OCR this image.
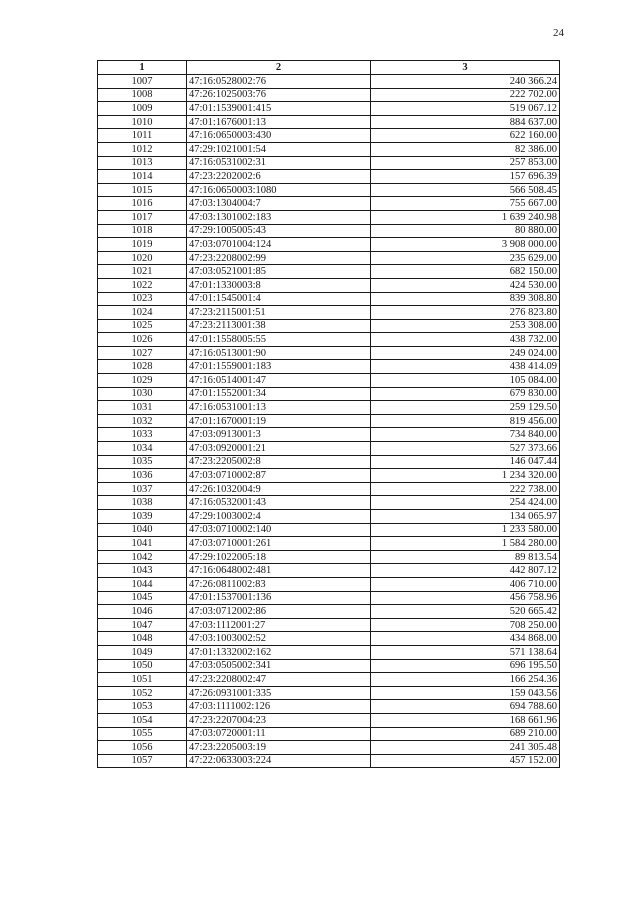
24
1	2	3
1007	47:16:0528002:76	240 366.24
1008	47:26:1025003:76	222 702.00
1009	47:01:1539001:415	519 067.12
1010	47:01:1676001:13	884 637.00
1011	47:16:0650003:430	622 160.00
1012	47:29:1021001:54	82 386.00
1013	47:16:0531002:31	257 853.00
1014	47:23:2202002:6	157 696.39
1015	47:16:0650003:1080	566 508.45
1016	47:03:1304004:7	755 667.00
1017	47:03:1301002:183	1 639 240.98
1018	47:29:1005005:43	80 880.00
1019	47:03:0701004:124	3 908 000.00
1020	47:23:2208002:99	235 629.00
1021	47:03:0521001:85	682 150.00
1022	47:01:1330003:8	424 530.00
1023	47:01:1545001:4	839 308.80
1024	47:23:2115001:51	276 823.80
1025	47:23:2113001:38	253 308.00
1026	47:01:1558005:55	438 732.00
1027	47:16:0513001:90	249 024.00
1028	47:01:1559001:183	438 414.09
1029	47:16:0514001:47	105 084.00
1030	47:01:1552001:34	679 830.00
1031	47:16:0531001:13	259 129.50
1032	47:01:1670001:19	819 456.00
1033	47:03:0913001:3	734 840.00
1034	47:03:0920001:21	527 373.66
1035	47:23:2205002:8	146 047.44
1036	47:03:0710002:87	1 234 320.00
1037	47:26:1032004:9	222 738.00
1038	47:16:0532001:43	254 424.00
1039	47:29:1003002:4	134 065.97
1040	47:03:0710002:140	1 233 580.00
1041	47:03:0710001:261	1 584 280.00
1042	47:29:1022005:18	89 813.54
1043	47:16:0648002:481	442 807.12
1044	47:26:0811002:83	406 710.00
1045	47:01:1537001:136	456 758.96
1046	47:03:0712002:86	520 665.42
1047	47:03:1112001:27	708 250.00
1048	47:03:1003002:52	434 868.00
1049	47:01:1332002:162	571 138.64
1050	47:03:0505002:341	696 195.50
1051	47:23:2208002:47	166 254.36
1052	47:26:0931001:335	159 043.56
1053	47:03:1111002:126	694 788.60
1054	47:23:2207004:23	168 661.96
1055	47:03:0720001:11	689 210.00
1056	47:23:2205003:19	241 305.48
1057	47:22:0633003:224	457 152.00
